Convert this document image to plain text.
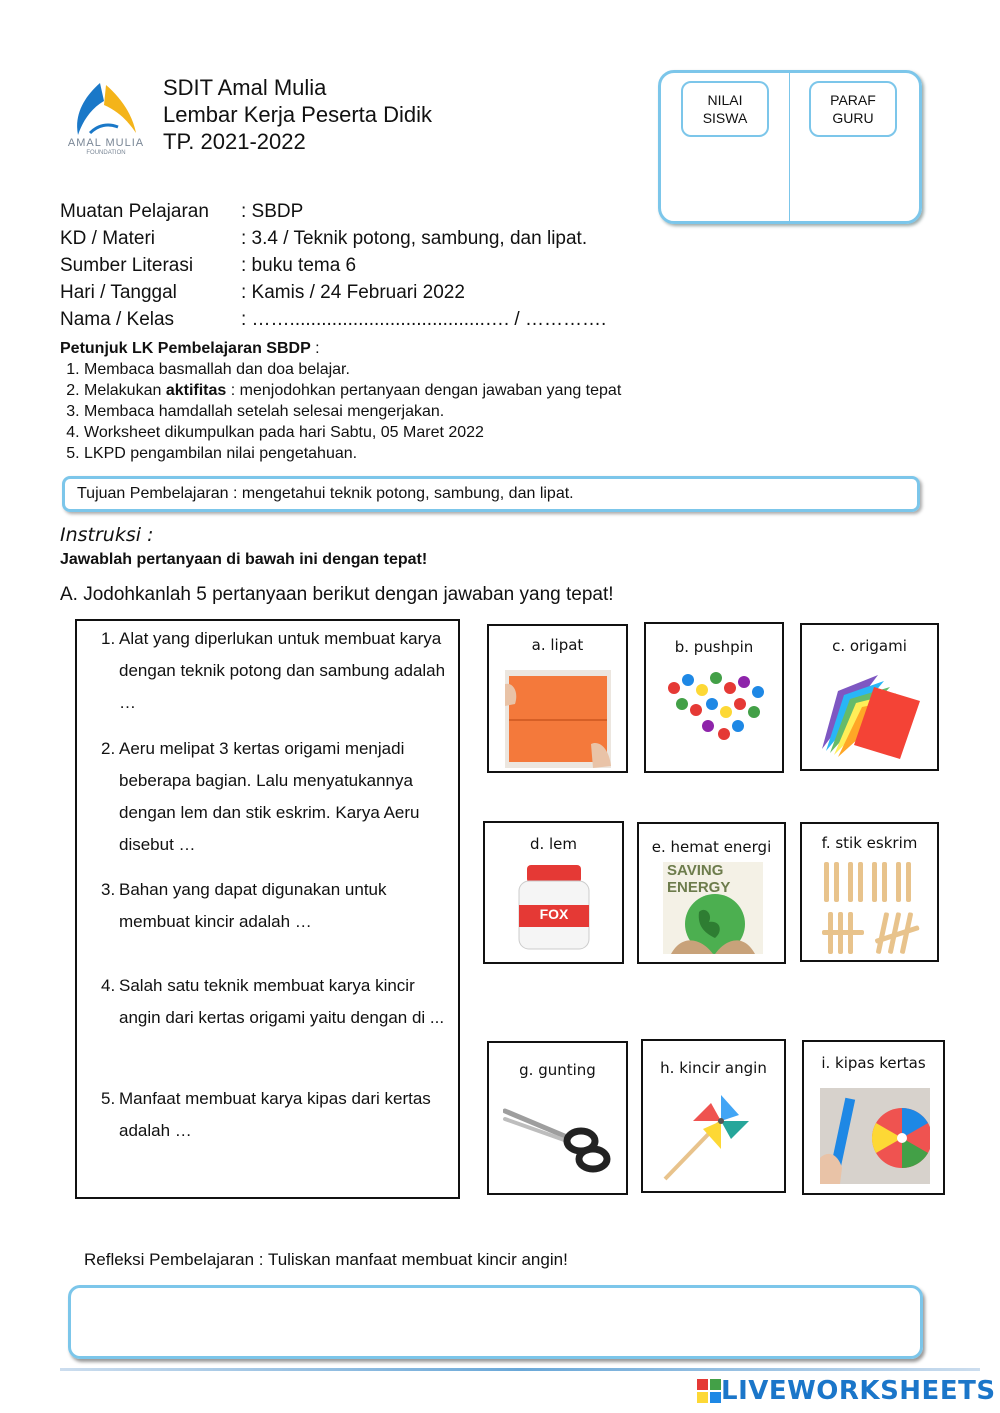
AMAL MULIA
FOUNDATION
SDIT Amal Mulia
Lembar Kerja Peserta Didik
TP. 2021-2022
NILAI
SISWA
PARAF
GURU
Muatan Pelajaran	: SBDP
KD / Materi	: 3.4 / Teknik potong, sambung, dan lipat.
Sumber Literasi	: buku tema 6
Hari / Tanggal	: Kamis / 24 Februari 2022
Nama / Kelas	: …….....................................…. / ………….
Petunjuk LK Pembelajaran SBDP :
1. Membaca basmallah dan doa belajar.
2. Melakukan aktifitas : menjodohkan pertanyaan dengan jawaban yang tepat
3. Membaca hamdallah setelah selesai mengerjakan.
4. Worksheet dikumpulkan pada hari Sabtu, 05 Maret 2022
5. LKPD pengambilan nilai pengetahuan.
Tujuan Pembelajaran : mengetahui teknik potong, sambung, dan lipat.
Instruksi :
Jawablah pertanyaan di bawah ini dengan tepat!
A. Jodohkanlah 5 pertanyaan berikut dengan jawaban yang tepat!
1. Alat yang diperlukan untuk membuat karya dengan teknik potong dan sambung adalah …
2. Aeru melipat 3 kertas origami menjadi beberapa bagian. Lalu menyatukannya dengan lem dan stik eskrim. Karya Aeru disebut …
3. Bahan yang dapat digunakan untuk membuat kincir adalah …
4. Salah satu teknik membuat karya kincir angin dari kertas origami yaitu dengan di ...
5. Manfaat membuat karya kipas dari kertas adalah …
a. lipat	b. pushpin	c. origami
d. lem
FOX
e. hemat energi
SAVING
ENERGY
f. stik eskrim
g. gunting	h. kincir angin	i. kipas kertas
Refleksi Pembelajaran : Tuliskan manfaat membuat kincir angin!
LIVEWORKSHEETS
